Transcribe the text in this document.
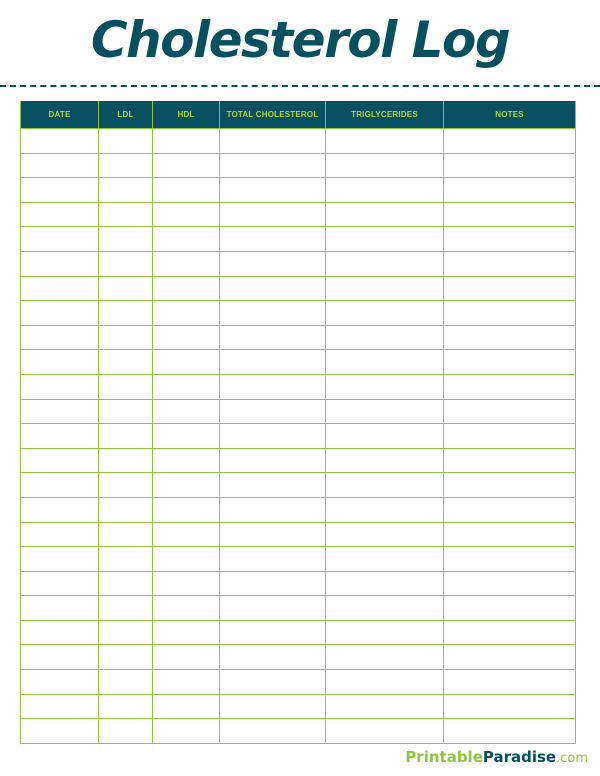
Cholesterol Log
DATE	LDL	HDL	TOTAL CHOLESTEROL	TRIGLYCERIDES	NOTES

PrintableParadise.com
